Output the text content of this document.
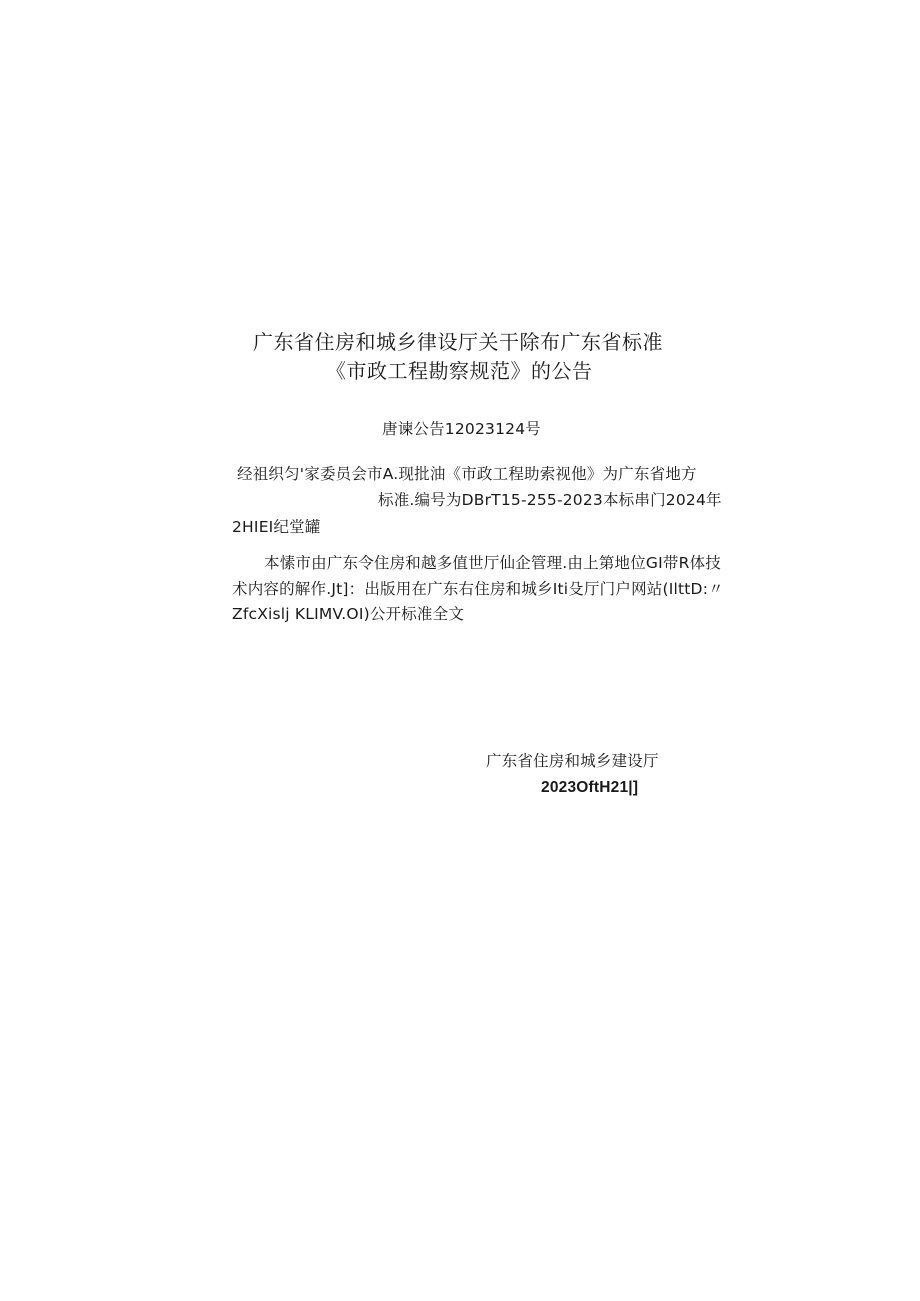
广东省住房和城乡律设厅关干除布广东省标准
《市政工程勘察规范》的公告
唐谏公告12023124号
经祖织匀'家委员会市A.现批油《市政工程助索视他》为广东省地方
标准.编号为DBrT15-255-2023本标串门2024年
2HIEI纪堂罐
本愫市由广东令住房和越多值世厅仙企管理.由上第地位GI带R体技
术内容的解作.Jt]：出版用在广东右住房和城乡Iti殳厅门户网站(IlttD:〃
ZfcXislj KLIMV.OI)公开标准全文
广东省住房和城乡建设厅
2023OftH21|]
